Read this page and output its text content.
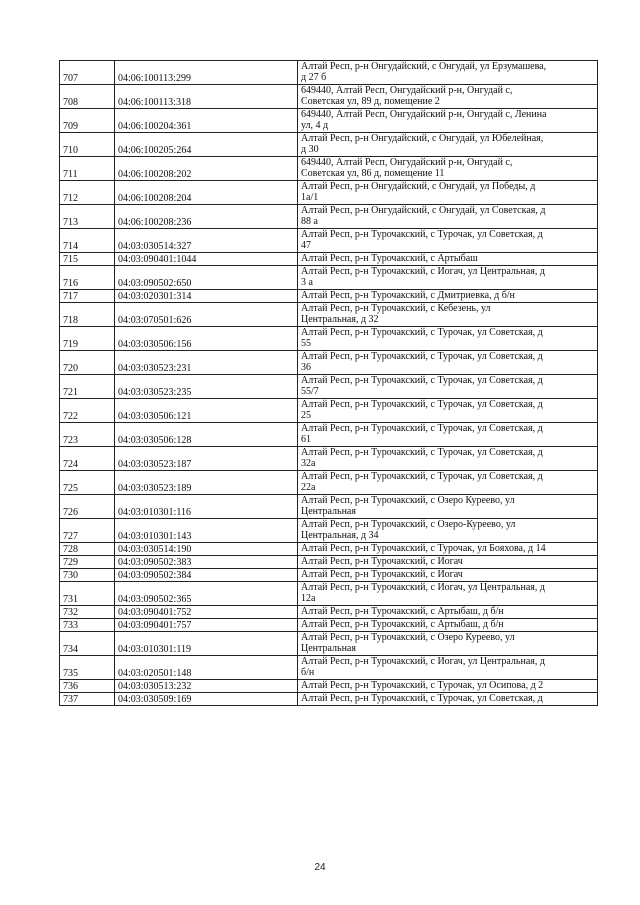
707	04:06:100113:299	Алтай Респ, р-н Онгудайский, с Онгудай, ул Ерзумашева,
д 27 б
708	04:06:100113:318	649440, Алтай Респ, Онгудайский р-н, Онгудай с,
Советская ул, 89 д, помещение 2
709	04:06:100204:361	649440, Алтай Респ, Онгудайский р-н, Онгудай с, Ленина
ул, 4 д
710	04:06:100205:264	Алтай Респ, р-н Онгудайский, с Онгудай, ул Юбелейная,
д 30
711	04:06:100208:202	649440, Алтай Респ, Онгудайский р-н, Онгудай с,
Советская ул, 86 д, помещение 11
712	04:06:100208:204	Алтай Респ, р-н Онгудайский, с Онгудай, ул Победы, д
1а/1
713	04:06:100208:236	Алтай Респ, р-н Онгудайский, с Онгудай, ул Советская, д
88 а
714	04:03:030514:327	Алтай Респ, р-н Турочакский, с Турочак, ул Советская, д
47
715	04:03:090401:1044	Алтай Респ, р-н Турочакский, с Артыбаш
716	04:03:090502:650	Алтай Респ, р-н Турочакский, с Иогач, ул Центральная, д
3 а
717	04:03:020301:314	Алтай Респ, р-н Турочакский, с Дмитриевка, д б/н
718	04:03:070501:626	Алтай Респ, р-н Турочакский, с Кебезень, ул
Центральная, д 32
719	04:03:030506:156	Алтай Респ, р-н Турочакский, с Турочак, ул Советская, д
55
720	04:03:030523:231	Алтай Респ, р-н Турочакский, с Турочак, ул Советская, д
36
721	04:03:030523:235	Алтай Респ, р-н Турочакский, с Турочак, ул Советская, д
55/7
722	04:03:030506:121	Алтай Респ, р-н Турочакский, с Турочак, ул Советская, д
25
723	04:03:030506:128	Алтай Респ, р-н Турочакский, с Турочак, ул Советская, д
61
724	04:03:030523:187	Алтай Респ, р-н Турочакский, с Турочак, ул Советская, д
32а
725	04:03:030523:189	Алтай Респ, р-н Турочакский, с Турочак, ул Советская, д
22а
726	04:03:010301:116	Алтай Респ, р-н Турочакский, с Озеро Куреево, ул
Центральная
727	04:03:010301:143	Алтай Респ, р-н Турочакский, с Озеро-Куреево, ул
Центральная, д 34
728	04:03:030514:190	Алтай Респ, р-н Турочакский, с Турочак, ул Бояхова, д 14
729	04:03:090502:383	Алтай Респ, р-н Турочакский, с Иогач
730	04:03:090502:384	Алтай Респ, р-н Турочакский, с Иогач
731	04:03:090502:365	Алтай Респ, р-н Турочакский, с Иогач, ул Центральная, д
12а
732	04:03:090401:752	Алтай Респ, р-н Турочакский, с Артыбаш, д б/н
733	04:03:090401:757	Алтай Респ, р-н Турочакский, с Артыбаш, д б/н
734	04:03:010301:119	Алтай Респ, р-н Турочакский, с Озеро Куреево, ул
Центральная
735	04:03:020501:148	Алтай Респ, р-н Турочакский, с Иогач, ул Центральная, д
б/н
736	04:03:030513:232	Алтай Респ, р-н Турочакский, с Турочак, ул Осипова, д 2
737	04:03:030509:169	Алтай Респ, р-н Турочакский, с Турочак, ул Советская, д
24
